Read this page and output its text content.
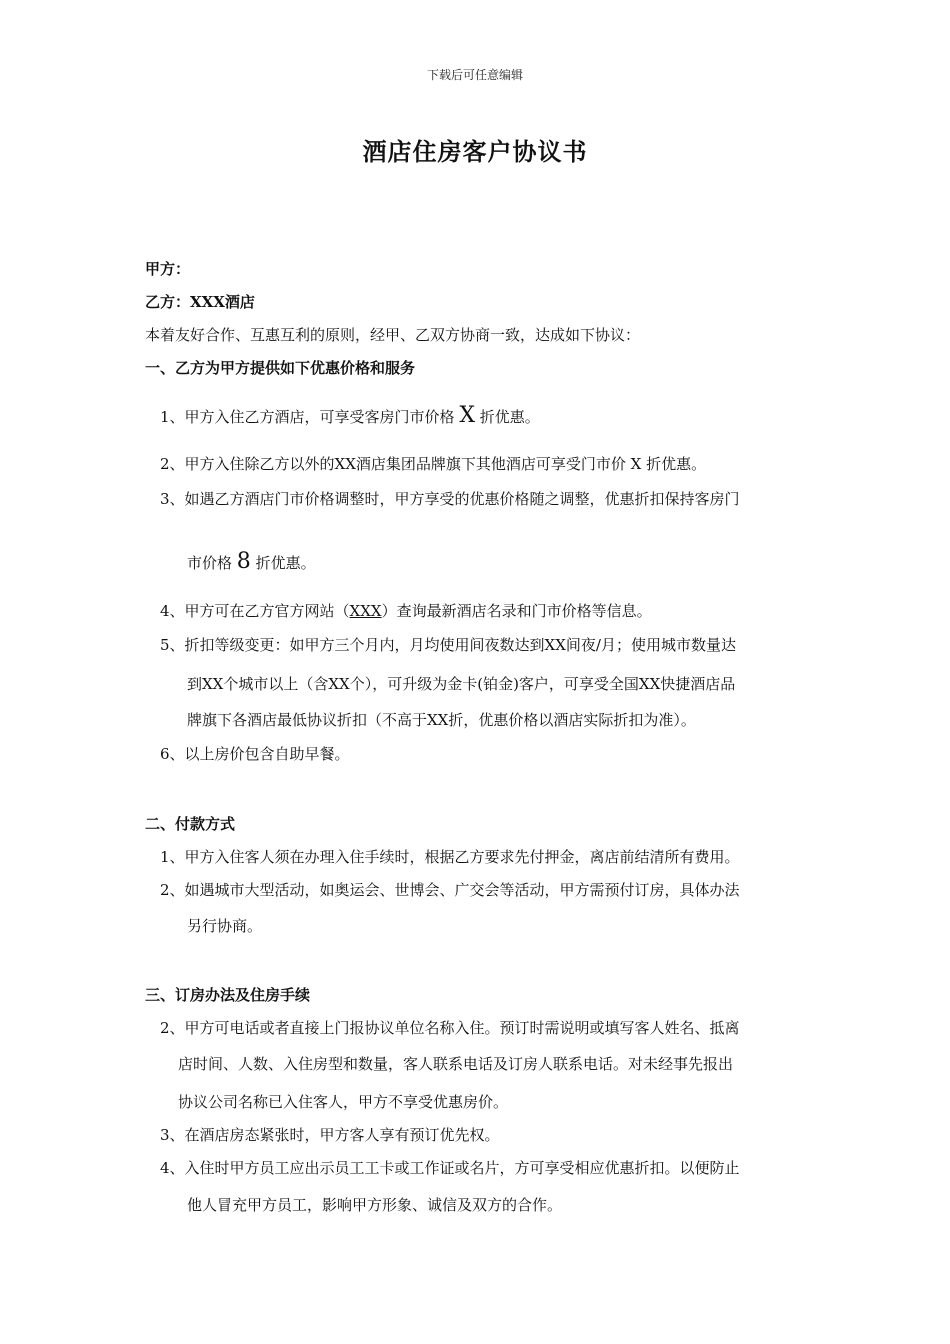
下载后可任意编辑
酒店住房客户协议书
甲方：
乙方：XXX酒店
本着友好合作、互惠互利的原则，经甲、乙双方协商一致，达成如下协议：
一、乙方为甲方提供如下优惠价格和服务
1、甲方入住乙方酒店，可享受客房门市价格 X 折优惠。
2、甲方入住除乙方以外的XX酒店集团品牌旗下其他酒店可享受门市价 X 折优惠。
3、如遇乙方酒店门市价格调整时，甲方享受的优惠价格随之调整，优惠折扣保持客房门
市价格 8 折优惠。
4、甲方可在乙方官方网站（XXX）查询最新酒店名录和门市价格等信息。
5、折扣等级变更：如甲方三个月内，月均使用间夜数达到XX间夜/月；使用城市数量达
到XX个城市以上（含XX个），可升级为金卡(铂金)客户，可享受全国XX快捷酒店品
牌旗下各酒店最低协议折扣（不高于XX折，优惠价格以酒店实际折扣为准）。
6、以上房价包含自助早餐。
二、付款方式
1、甲方入住客人须在办理入住手续时，根据乙方要求先付押金，离店前结清所有费用。
2、如遇城市大型活动，如奥运会、世博会、广交会等活动，甲方需预付订房，具体办法
另行协商。
三、订房办法及住房手续
2、甲方可电话或者直接上门报协议单位名称入住。预订时需说明或填写客人姓名、抵离
店时间、人数、入住房型和数量，客人联系电话及订房人联系电话。对未经事先报出
协议公司名称已入住客人，甲方不享受优惠房价。
3、在酒店房态紧张时，甲方客人享有预订优先权。
4、入住时甲方员工应出示员工工卡或工作证或名片，方可享受相应优惠折扣。以便防止
他人冒充甲方员工，影响甲方形象、诚信及双方的合作。
